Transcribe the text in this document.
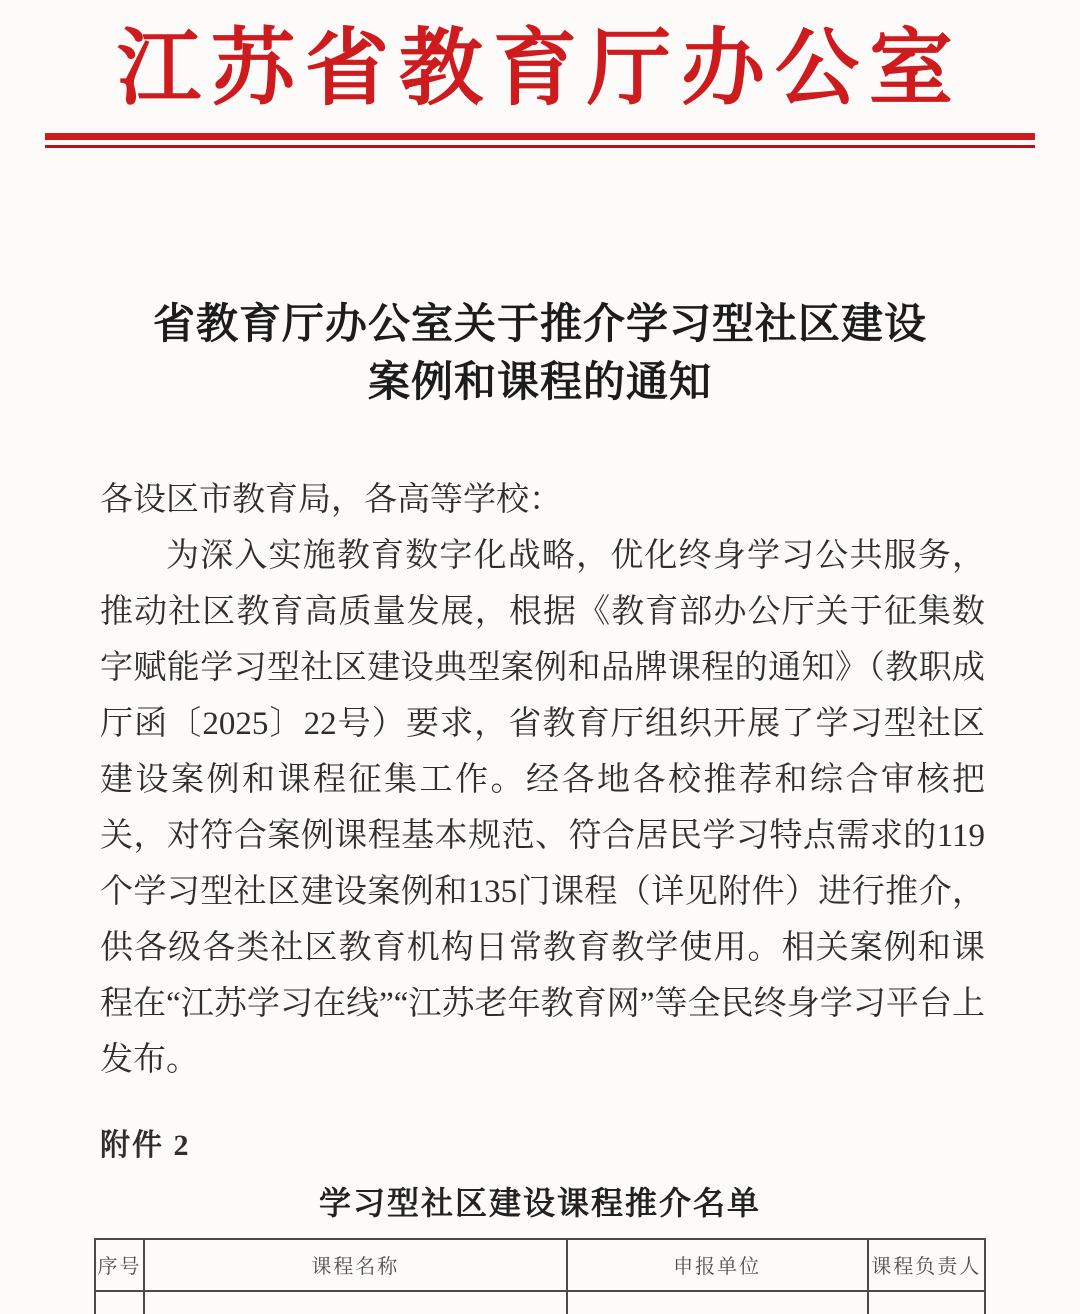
江苏省教育厅办公室
省教育厅办公室关于推介学习型社区建设
案例和课程的通知
各设区市教育局，各高等学校：
为深入实施教育数字化战略，优化终身学习公共服务，推动社区教育高质量发展，根据《教育部办公厅关于征集数字赋能学习型社区建设典型案例和品牌课程的通知》（教职成厅函〔2025〕22号）要求，省教育厅组织开展了学习型社区建设案例和课程征集工作。经各地各校推荐和综合审核把关，对符合案例课程基本规范、符合居民学习特点需求的119个学习型社区建设案例和135门课程（详见附件）进行推介，供各级各类社区教育机构日常教育教学使用。相关案例和课程在“江苏学习在线”“江苏老年教育网”等全民终身学习平台上发布。
附件 2
学习型社区建设课程推介名单
序号	课程名称	申报单位	课程负责人
